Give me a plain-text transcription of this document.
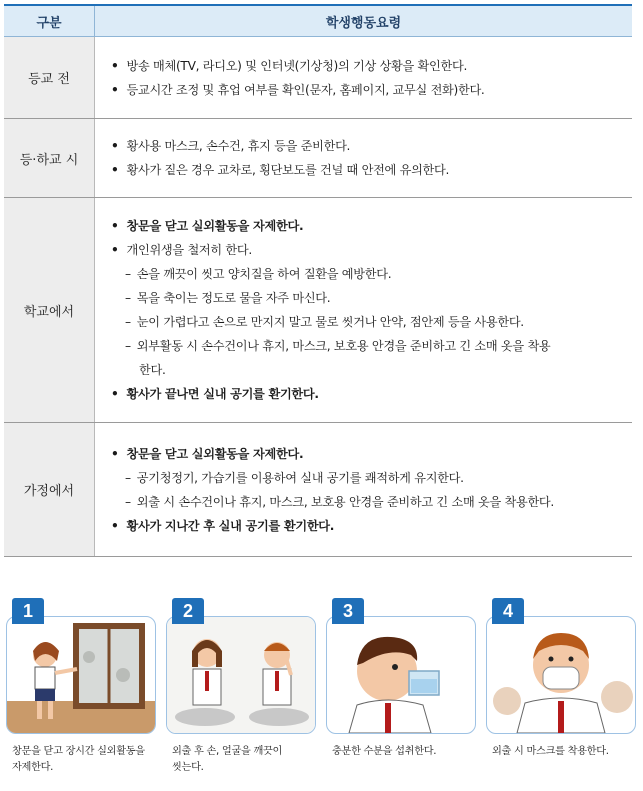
구분	학생행동요령
등교 전
• 방송 매체(TV, 라디오) 및 인터넷(기상청)의 기상 상황을 확인한다.
• 등교시간 조정 및 휴업 여부를 확인(문자, 홈페이지, 교무실 전화)한다.
등·하교 시
• 황사용 마스크, 손수건, 휴지 등을 준비한다.
• 황사가 짙은 경우 교차로, 횡단보도를 건널 때 안전에 유의한다.
학교에서
• 창문을 닫고 실외활동을 자제한다.
• 개인위생을 철저히 한다.
– 손을 깨끗이 씻고 양치질을 하여 질환을 예방한다.
– 목을 축이는 정도로 물을 자주 마신다.
– 눈이 가렵다고 손으로 만지지 말고 물로 씻거나 안약, 점안제 등을 사용한다.
– 외부활동 시 손수건이나 휴지, 마스크, 보호용 안경을 준비하고 긴 소매 옷을 착용
한다.
• 황사가 끝나면 실내 공기를 환기한다.
가정에서
• 창문을 닫고 실외활동을 자제한다.
– 공기청정기, 가습기를 이용하여 실내 공기를 쾌적하게 유지한다.
– 외출 시 손수건이나 휴지, 마스크, 보호용 안경을 준비하고 긴 소매 옷을 착용한다.
• 황사가 지나간 후 실내 공기를 환기한다.
1
창문을 닫고 장시간 실외활동을
자제한다.
2
외출 후 손, 얼굴을 깨끗이
씻는다.
3
충분한 수분을 섭취한다.
4
외출 시 마스크를 착용한다.
